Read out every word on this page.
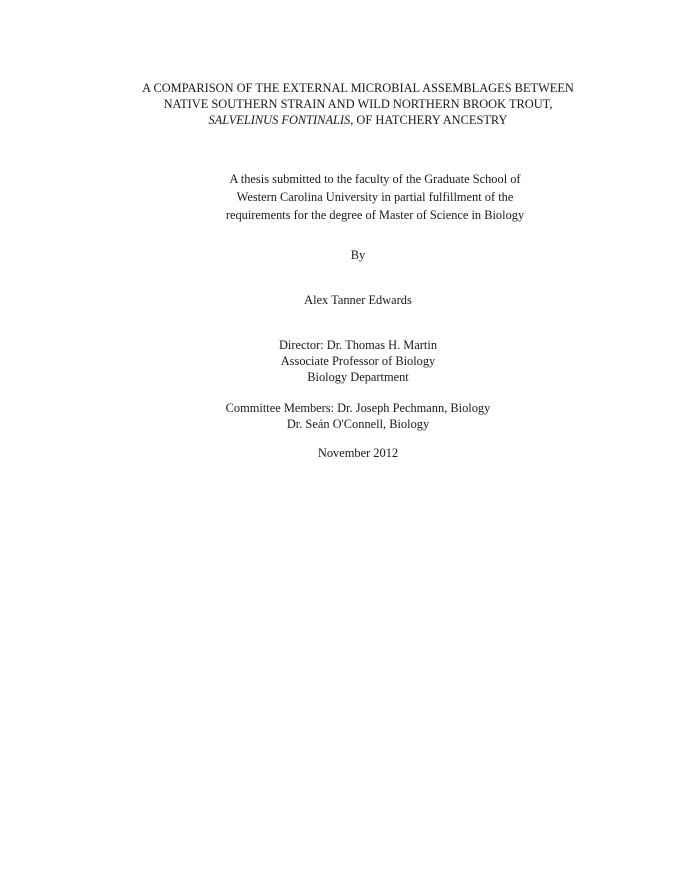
A COMPARISON OF THE EXTERNAL MICROBIAL ASSEMBLAGES BETWEEN
NATIVE SOUTHERN STRAIN AND WILD NORTHERN BROOK TROUT,
SALVELINUS FONTINALIS, OF HATCHERY ANCESTRY
A thesis submitted to the faculty of the Graduate School of
Western Carolina University in partial fulfillment of the
requirements for the degree of Master of Science in Biology
By
Alex Tanner Edwards
Director: Dr. Thomas H. Martin
Associate Professor of Biology
Biology Department
Committee Members: Dr. Joseph Pechmann, Biology
Dr. Seán O'Connell, Biology
November 2012
